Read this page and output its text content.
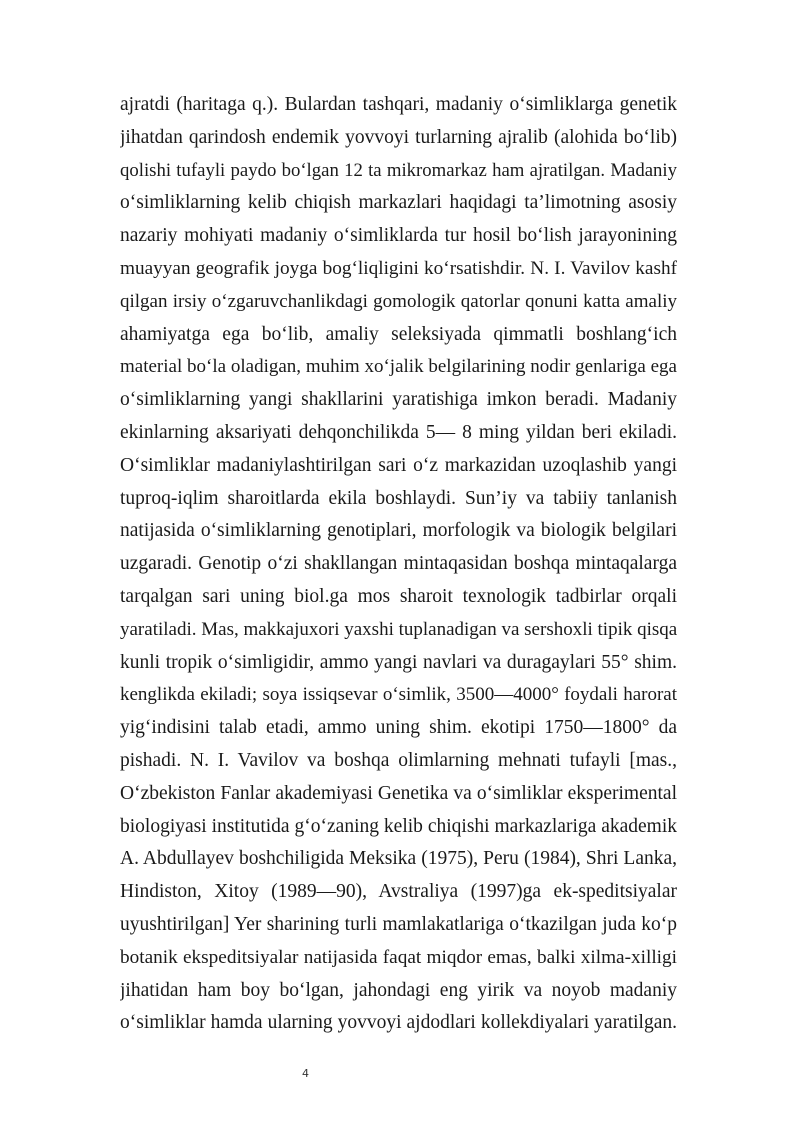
ajratdi (haritaga q.). Bulardan tashqari, madaniy o‘simliklarga genetik
jihatdan qarindosh endemik yovvoyi turlarning ajralib (alohida bo‘lib)
qolishi tufayli paydo bo‘lgan 12 ta mikromarkaz ham ajratilgan. Madaniy
o‘simliklarning kelib chiqish markazlari haqidagi ta’limotning asosiy
nazariy mohiyati madaniy o‘simliklarda tur hosil bo‘lish jarayonining
muayyan geografik joyga bog‘liqligini ko‘rsatishdir. N. I. Vavilov kashf
qilgan irsiy o‘zgaruvchanlikdagi gomologik qatorlar qonuni katta amaliy
ahamiyatga ega bo‘lib, amaliy seleksiyada qimmatli boshlang‘ich
material bo‘la oladigan, muhim xo‘jalik belgilarining nodir genlariga ega
o‘simliklarning yangi shakllarini yaratishiga imkon beradi. Madaniy
ekinlarning aksariyati dehqonchilikda 5— 8 ming yildan beri ekiladi.
O‘simliklar madaniylashtirilgan sari o‘z markazidan uzoqlashib yangi
tuproq-iqlim sharoitlarda ekila boshlaydi. Sun’iy va tabiiy tanlanish
natijasida o‘simliklarning genotiplari, morfologik va biologik belgilari
uzgaradi. Genotip o‘zi shakllangan mintaqasidan boshqa mintaqalarga
tarqalgan sari uning biol.ga mos sharoit texnologik tadbirlar orqali
yaratiladi. Mas, makkajuxori yaxshi tuplanadigan va sershoxli tipik qisqa
kunli tropik o‘simligidir, ammo yangi navlari va duragaylari 55° shim.
kenglikda ekiladi; soya issiqsevar o‘simlik, 3500—4000° foydali harorat
yig‘indisini talab etadi, ammo uning shim. ekotipi 1750—1800° da
pishadi. N. I. Vavilov va boshqa olimlarning mehnati tufayli [mas.,
O‘zbekiston Fanlar akademiyasi Genetika va o‘simliklar eksperimental
biologiyasi institutida g‘o‘zaning kelib chiqishi markazlariga akademik
A. Abdullayev boshchiligida Meksika (1975), Peru (1984), Shri Lanka,
Hindiston, Xitoy (1989—90), Avstraliya (1997)ga ek-speditsiyalar
uyushtirilgan] Yer sharining turli mamlakatlariga o‘tkazilgan juda ko‘p
botanik ekspeditsiyalar natijasida faqat miqdor emas, balki xilma-xilligi
jihatidan ham boy bo‘lgan, jahondagi eng yirik va noyob madaniy
o‘simliklar hamda ularning yovvoyi ajdodlari kollekdiyalari yaratilgan.
4
